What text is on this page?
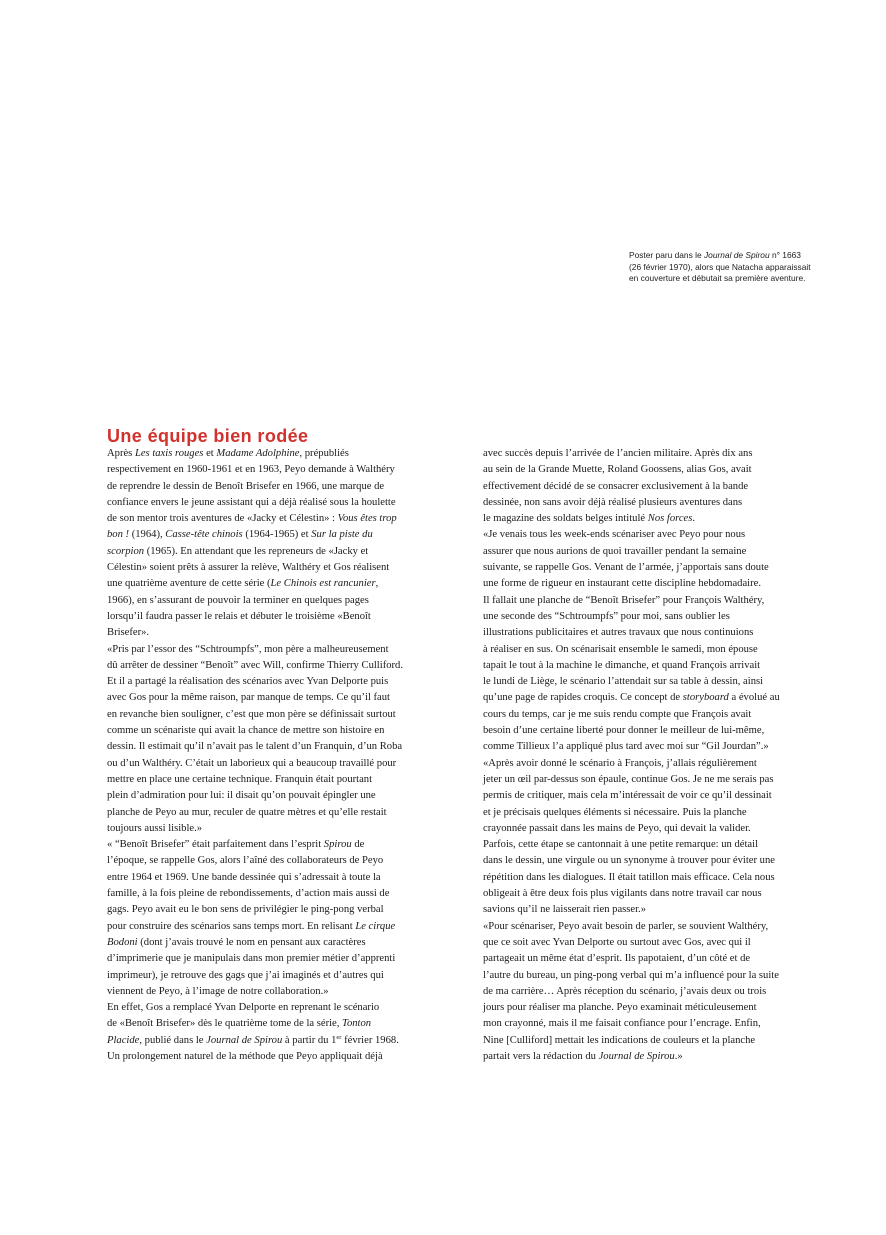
Poster paru dans le Journal de Spirou n° 1663

(26 février 1970), alors que Natacha apparaissait

en couverture et débutait sa première aventure.

Une équipe bien rodée

Après Les taxis rouges et Madame Adolphine, prépubliés

respectivement en 1960-1961 et en 1963, Peyo demande à Walthéry

de reprendre le dessin de Benoît Brisefer en 1966, une marque de

confiance envers le jeune assistant qui a déjà réalisé sous la houlette

de son mentor trois aventures de «Jacky et Célestin» : Vous êtes trop

bon ! (1964), Casse-tête chinois (1964-1965) et Sur la piste du

scorpion (1965). En attendant que les repreneurs de «Jacky et

Célestin» soient prêts à assurer la relève, Walthéry et Gos réalisent

une quatrième aventure de cette série (Le Chinois est rancunier,

1966), en s’assurant de pouvoir la terminer en quelques pages

lorsqu’il faudra passer le relais et débuter le troisième «Benoît

Brisefer».

«Pris par l’essor des “Schtroumpfs”, mon père a malheureusement

dû arrêter de dessiner “Benoît” avec Will, confirme Thierry Culliford.

Et il a partagé la réalisation des scénarios avec Yvan Delporte puis

avec Gos pour la même raison, par manque de temps. Ce qu’il faut

en revanche bien souligner, c’est que mon père se définissait surtout

comme un scénariste qui avait la chance de mettre son histoire en

dessin. Il estimait qu’il n’avait pas le talent d’un Franquin, d’un Roba

ou d’un Walthéry. C’était un laborieux qui a beaucoup travaillé pour

mettre en place une certaine technique. Franquin était pourtant

plein d’admiration pour lui: il disait qu’on pouvait épingler une

planche de Peyo au mur, reculer de quatre mètres et qu’elle restait

toujours aussi lisible.»

« “Benoît Brisefer” était parfaitement dans l’esprit Spirou de

l’époque, se rappelle Gos, alors l’aîné des collaborateurs de Peyo

entre 1964 et 1969. Une bande dessinée qui s’adressait à toute la

famille, à la fois pleine de rebondissements, d’action mais aussi de

gags. Peyo avait eu le bon sens de privilégier le ping-pong verbal

pour construire des scénarios sans temps mort. En relisant Le cirque

Bodoni (dont j’avais trouvé le nom en pensant aux caractères

d’imprimerie que je manipulais dans mon premier métier d’apprenti

imprimeur), je retrouve des gags que j’ai imaginés et d’autres qui

viennent de Peyo, à l’image de notre collaboration.»

En effet, Gos a remplacé Yvan Delporte en reprenant le scénario

de «Benoît Brisefer» dès le quatrième tome de la série, Tonton

Placide, publié dans le Journal de Spirou à partir du 1er février 1968.

Un prolongement naturel de la méthode que Peyo appliquait déjà

avec succès depuis l’arrivée de l’ancien militaire. Après dix ans

au sein de la Grande Muette, Roland Goossens, alias Gos, avait

effectivement décidé de se consacrer exclusivement à la bande

dessinée, non sans avoir déjà réalisé plusieurs aventures dans

le magazine des soldats belges intitulé Nos forces.

«Je venais tous les week-ends scénariser avec Peyo pour nous

assurer que nous aurions de quoi travailler pendant la semaine

suivante, se rappelle Gos. Venant de l’armée, j’apportais sans doute

une forme de rigueur en instaurant cette discipline hebdomadaire.

Il fallait une planche de “Benoît Brisefer” pour François Walthéry,

une seconde des “Schtroumpfs” pour moi, sans oublier les

illustrations publicitaires et autres travaux que nous continuions

à réaliser en sus. On scénarisait ensemble le samedi, mon épouse

tapait le tout à la machine le dimanche, et quand François arrivait

le lundi de Liège, le scénario l’attendait sur sa table à dessin, ainsi

qu’une page de rapides croquis. Ce concept de storyboard a évolué au

cours du temps, car je me suis rendu compte que François avait

besoin d’une certaine liberté pour donner le meilleur de lui-même,

comme Tillieux l’a appliqué plus tard avec moi sur “Gil Jourdan”.»

«Après avoir donné le scénario à François, j’allais régulièrement

jeter un œil par-dessus son épaule, continue Gos. Je ne me serais pas

permis de critiquer, mais cela m’intéressait de voir ce qu’il dessinait

et je précisais quelques éléments si nécessaire. Puis la planche

crayonnée passait dans les mains de Peyo, qui devait la valider.

Parfois, cette étape se cantonnait à une petite remarque: un détail

dans le dessin, une virgule ou un synonyme à trouver pour éviter une

répétition dans les dialogues. Il était tatillon mais efficace. Cela nous

obligeait à être deux fois plus vigilants dans notre travail car nous

savions qu’il ne laisserait rien passer.»

«Pour scénariser, Peyo avait besoin de parler, se souvient Walthéry,

que ce soit avec Yvan Delporte ou surtout avec Gos, avec qui il

partageait un même état d’esprit. Ils papotaient, d’un côté et de

l’autre du bureau, un ping-pong verbal qui m’a influencé pour la suite

de ma carrière… Après réception du scénario, j’avais deux ou trois

jours pour réaliser ma planche. Peyo examinait méticuleusement

mon crayonné, mais il me faisait confiance pour l’encrage. Enfin,

Nine [Culliford] mettait les indications de couleurs et la planche

partait vers la rédaction du Journal de Spirou.»
